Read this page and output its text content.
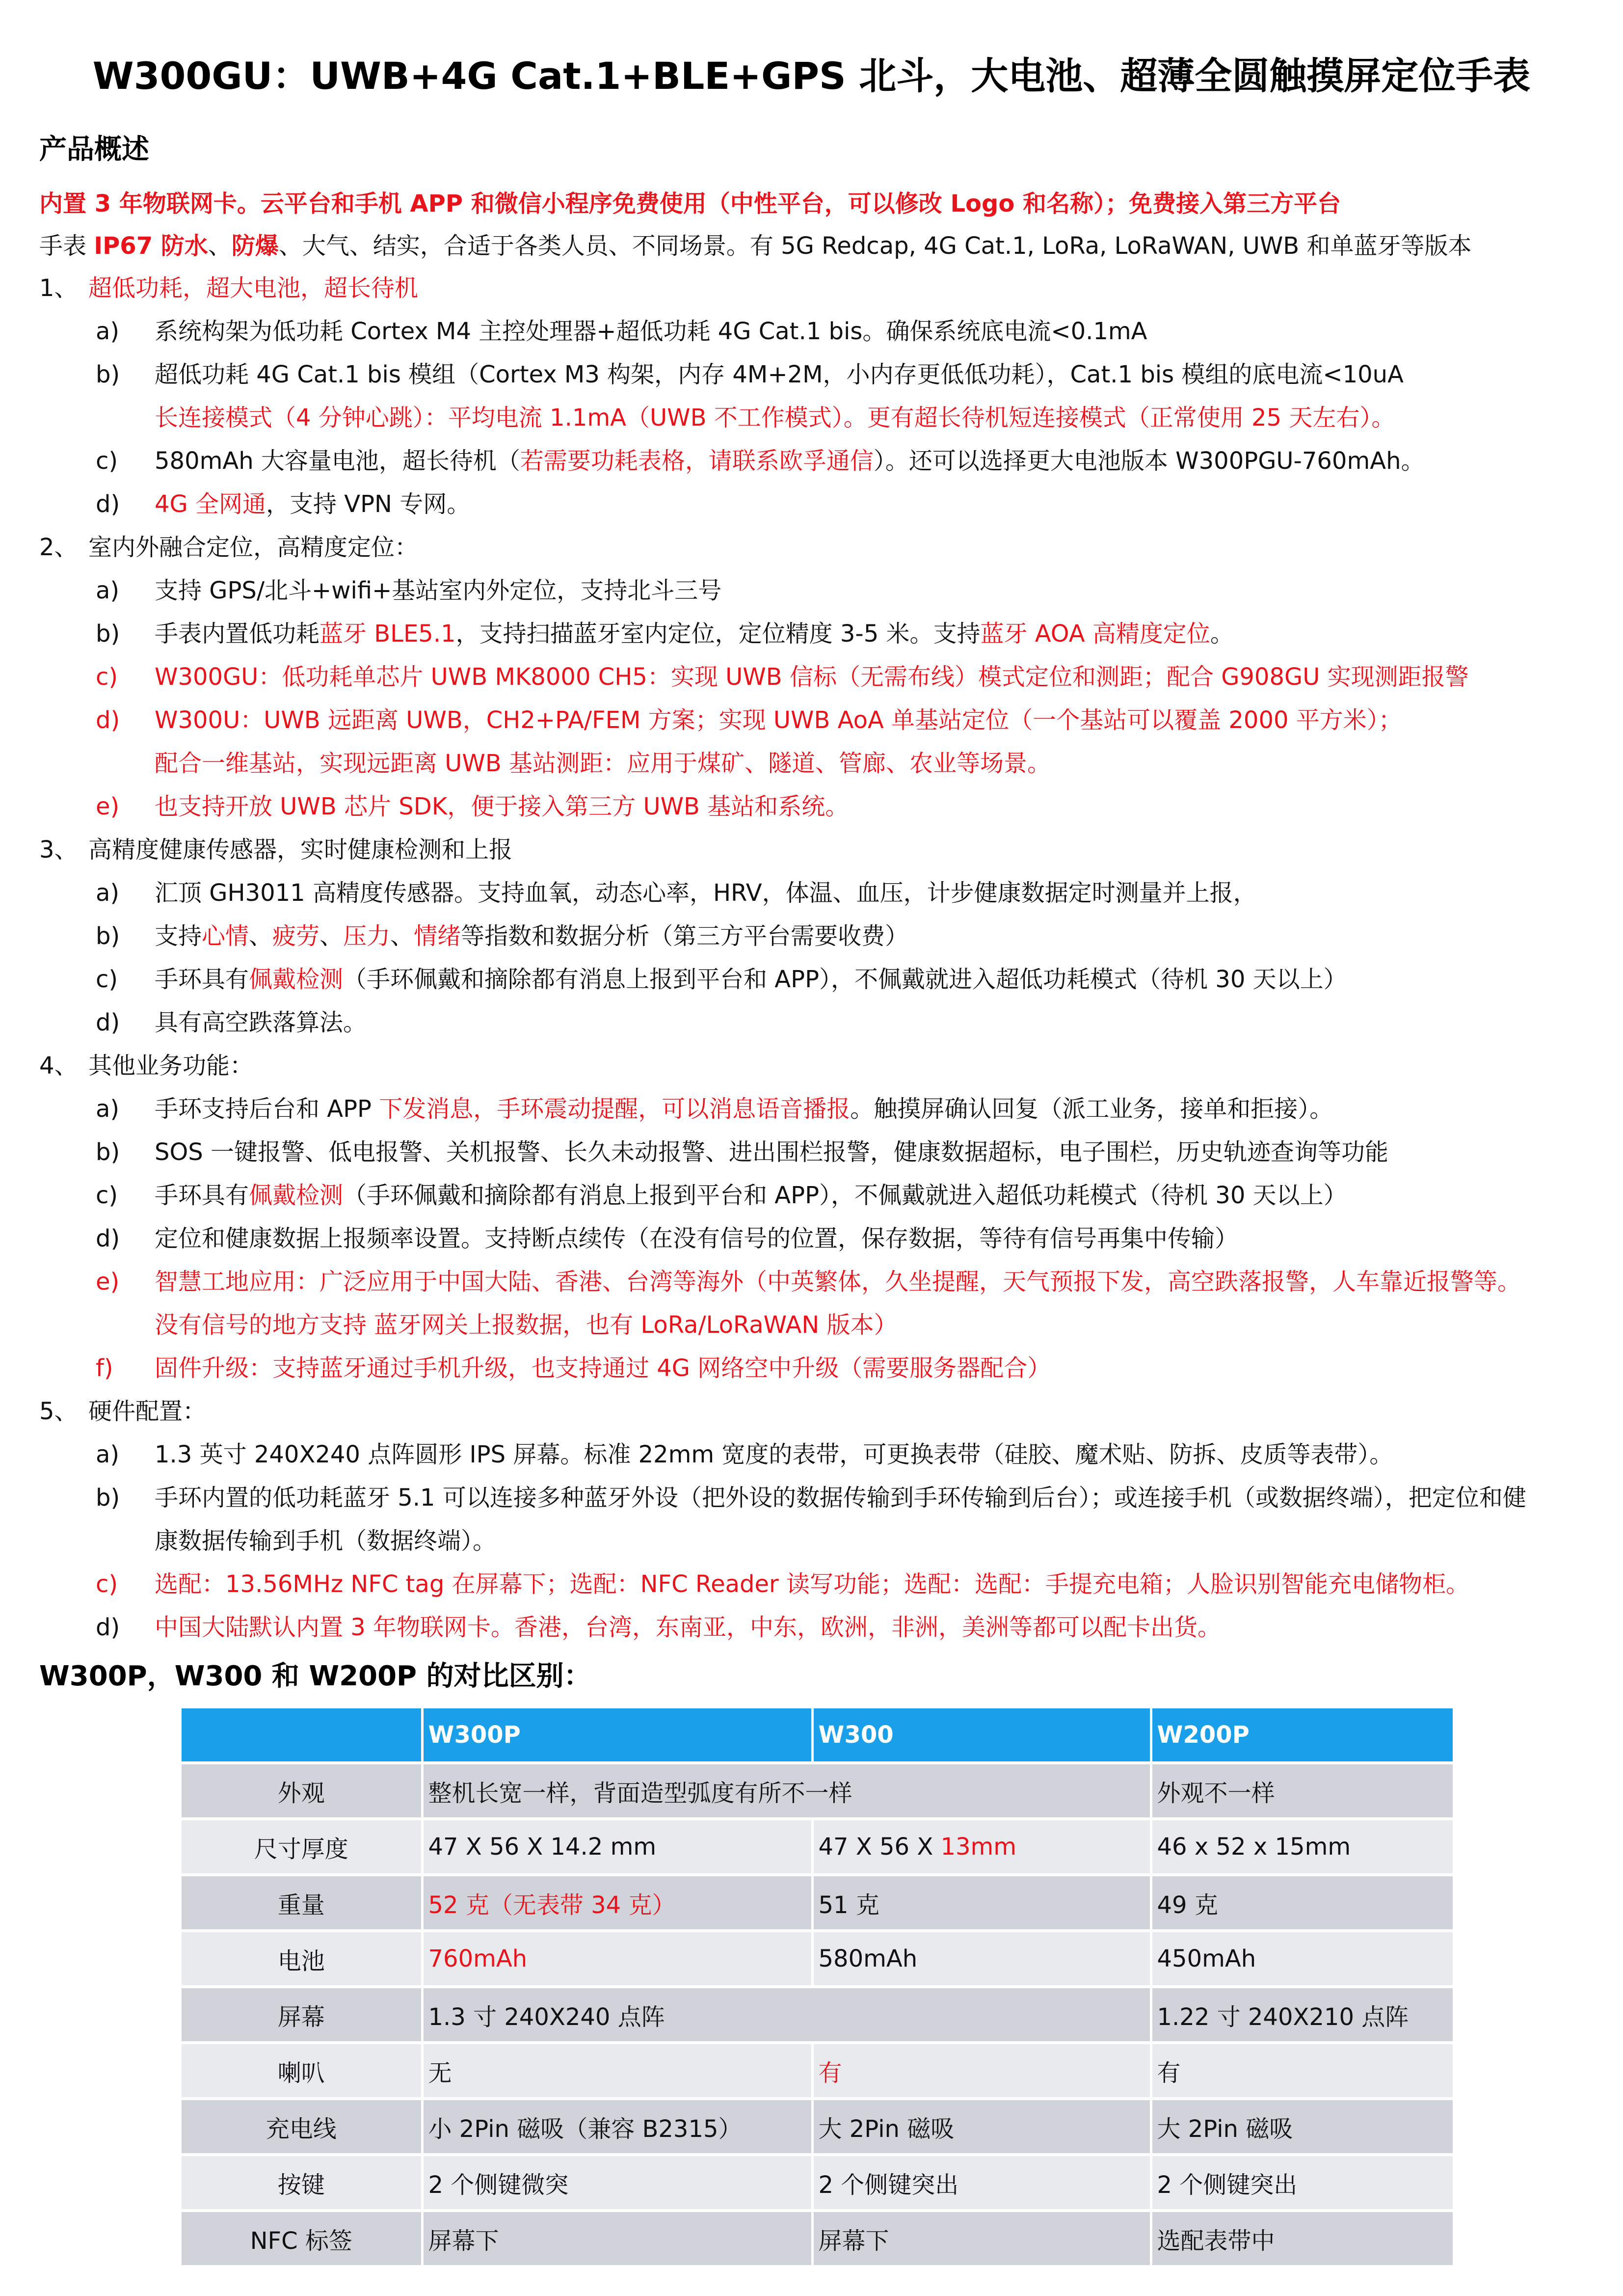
W300GU：UWB+4G Cat.1+BLE+GPS 北斗，大电池、超薄全圆触摸屏定位手表
产品概述
内置 3 年物联网卡。云平台和手机 APP 和微信小程序免费使用（中性平台，可以修改 Logo 和名称）；免费接入第三方平台
手表 IP67 防水、防爆、大气、结实，合适于各类人员、不同场景。有 5G Redcap, 4G Cat.1, LoRa, LoRaWAN, UWB 和单蓝牙等版本
1、 超低功耗，超大电池，超长待机
a) 系统构架为低功耗 Cortex M4 主控处理器+超低功耗 4G Cat.1 bis。确保系统底电流<0.1mA
b) 超低功耗 4G Cat.1 bis 模组（Cortex M3 构架，内存 4M+2M，小内存更低低功耗），Cat.1 bis 模组的底电流<10uA
长连接模式（4 分钟心跳）：平均电流 1.1mA（UWB 不工作模式）。更有超长待机短连接模式（正常使用 25 天左右）。
c) 580mAh 大容量电池，超长待机（若需要功耗表格，请联系欧孚通信）。还可以选择更大电池版本 W300PGU-760mAh。
d) 4G 全网通，支持 VPN 专网。
2、 室内外融合定位，高精度定位：
a) 支持 GPS/北斗+wifi+基站室内外定位，支持北斗三号
b) 手表内置低功耗蓝牙 BLE5.1，支持扫描蓝牙室内定位，定位精度 3-5 米。支持蓝牙 AOA 高精度定位。
c) W300GU：低功耗单芯片 UWB MK8000 CH5：实现 UWB 信标（无需布线）模式定位和测距；配合 G908GU 实现测距报警
d) W300U：UWB 远距离 UWB，CH2+PA/FEM 方案；实现 UWB AoA 单基站定位（一个基站可以覆盖 2000 平方米）；
配合一维基站，实现远距离 UWB 基站测距：应用于煤矿、隧道、管廊、农业等场景。
e) 也支持开放 UWB 芯片 SDK，便于接入第三方 UWB 基站和系统。
3、 高精度健康传感器，实时健康检测和上报
a) 汇顶 GH3011 高精度传感器。支持血氧，动态心率，HRV，体温、血压，计步健康数据定时测量并上报，
b) 支持心情、疲劳、压力、情绪等指数和数据分析（第三方平台需要收费）
c) 手环具有佩戴检测（手环佩戴和摘除都有消息上报到平台和 APP），不佩戴就进入超低功耗模式（待机 30 天以上）
d) 具有高空跌落算法。
4、 其他业务功能：
a) 手环支持后台和 APP 下发消息，手环震动提醒，可以消息语音播报。触摸屏确认回复（派工业务，接单和拒接）。
b) SOS 一键报警、低电报警、关机报警、长久未动报警、进出围栏报警，健康数据超标，电子围栏，历史轨迹查询等功能
c) 手环具有佩戴检测（手环佩戴和摘除都有消息上报到平台和 APP），不佩戴就进入超低功耗模式（待机 30 天以上）
d) 定位和健康数据上报频率设置。支持断点续传（在没有信号的位置，保存数据，等待有信号再集中传输）
e) 智慧工地应用：广泛应用于中国大陆、香港、台湾等海外（中英繁体，久坐提醒，天气预报下发，高空跌落报警，人车靠近报警等。
没有信号的地方支持 蓝牙网关上报数据，也有 LoRa/LoRaWAN 版本）
f) 固件升级：支持蓝牙通过手机升级，也支持通过 4G 网络空中升级（需要服务器配合）
5、 硬件配置：
a) 1.3 英寸 240X240 点阵圆形 IPS 屏幕。标准 22mm 宽度的表带，可更换表带（硅胶、魔术贴、防拆、皮质等表带）。
b) 手环内置的低功耗蓝牙 5.1 可以连接多种蓝牙外设（把外设的数据传输到手环传输到后台）；或连接手机（或数据终端），把定位和健
康数据传输到手机（数据终端）。
c) 选配：13.56MHz NFC tag 在屏幕下；选配：NFC Reader 读写功能；选配：选配：手提充电箱；人脸识别智能充电储物柜。
d) 中国大陆默认内置 3 年物联网卡。香港，台湾，东南亚，中东，欧洲，非洲，美洲等都可以配卡出货。
W300P，W300 和 W200P 的对比区别：
	W300P	W300	W200P
外观	整机长宽一样，背面造型弧度有所不一样		外观不一样
尺寸厚度	47 X 56 X 14.2 mm	47 X 56 X 13mm	46 x 52 x 15mm
重量	52 克（无表带 34 克）	51 克	49 克
电池	760mAh	580mAh	450mAh
屏幕	1.3 寸 240X240 点阵		1.22 寸 240X210 点阵
喇叭	无	有	有
充电线	小 2Pin 磁吸（兼容 B2315）	大 2Pin 磁吸	大 2Pin 磁吸
按键	2 个侧键微突	2 个侧键突出	2 个侧键突出
NFC 标签	屏幕下	屏幕下	选配表带中
